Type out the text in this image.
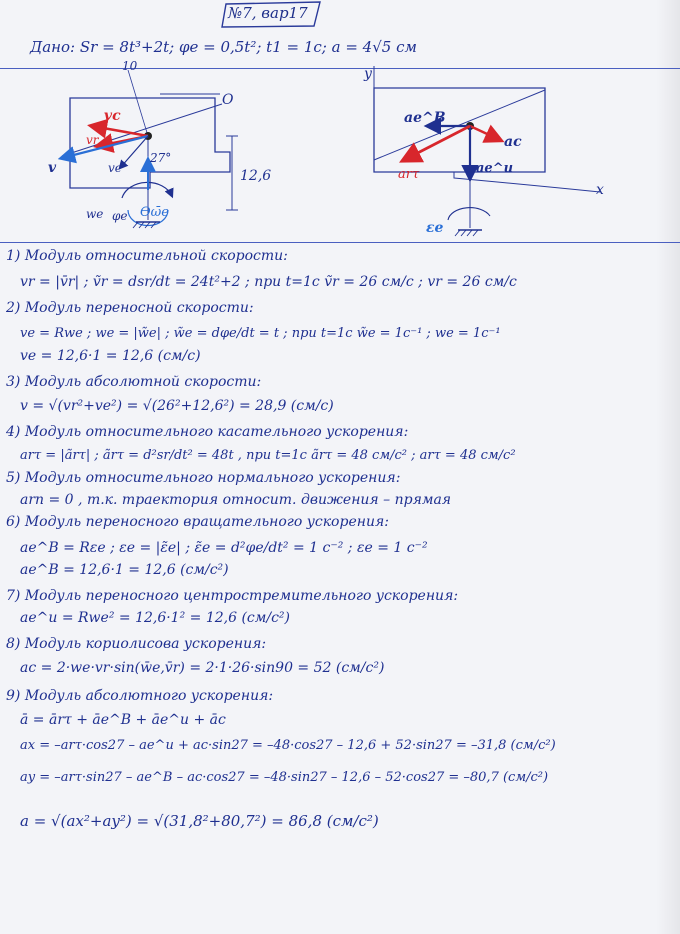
№7, вар17
Дано: Sr = 8t³+2t; φe = 0,5t²; t1 = 1c; a = 4√5 см
12,6
27°
O
10
vc
vr
ve
v
we φe ϴω̄e
y
x
ae^B
ac
ae^u
arτ
εe
1) Модуль относительной скорости:
vr = |v̄r| ; ṽr = dsr/dt = 24t²+2 ; при t=1c ṽr = 26 см/с ; vr = 26 см/с
2) Модуль переносной скорости:
ve = Rwe ; we = |w̃e| ; w̃e = dφe/dt = t ; при t=1c w̃e = 1c⁻¹ ; we = 1c⁻¹
ve = 12,6·1 = 12,6 (см/с)
3) Модуль абсолютной скорости:
v = √(vr²+ve²) = √(26²+12,6²) = 28,9 (см/с)
4) Модуль относительного касательного ускорения:
arτ = |ãrτ| ; ãrτ = d²sr/dt² = 48t , при t=1c ãrτ = 48 см/с² ; arτ = 48 см/с²
5) Модуль относительного нормального ускорения:
arn = 0 , т.к. траектория относит. движения – прямая
6) Модуль переносного вращательного ускорения:
ae^B = Rεe ; εe = |ε̃e| ; ε̃e = d²φe/dt² = 1 c⁻² ; εe = 1 c⁻²
ae^B = 12,6·1 = 12,6 (см/с²)
7) Модуль переносного центростремительного ускорения:
ae^u = Rwe² = 12,6·1² = 12,6 (см/с²)
8) Модуль кориолисова ускорения:
ac = 2·we·vr·sin(w̄e,v̄r) = 2·1·26·sin90 = 52 (см/с²)
9) Модуль абсолютного ускорения:
ā = ārτ + āe^B + āe^u + āc
ax = –arτ·cos27 – ae^u + ac·sin27 = –48·cos27 – 12,6 + 52·sin27 = –31,8 (см/с²)
ay = –arτ·sin27 – ae^B – ac·cos27 = –48·sin27 – 12,6 – 52·cos27 = –80,7 (см/с²)
a = √(ax²+ay²) = √(31,8²+80,7²) = 86,8 (см/с²)
